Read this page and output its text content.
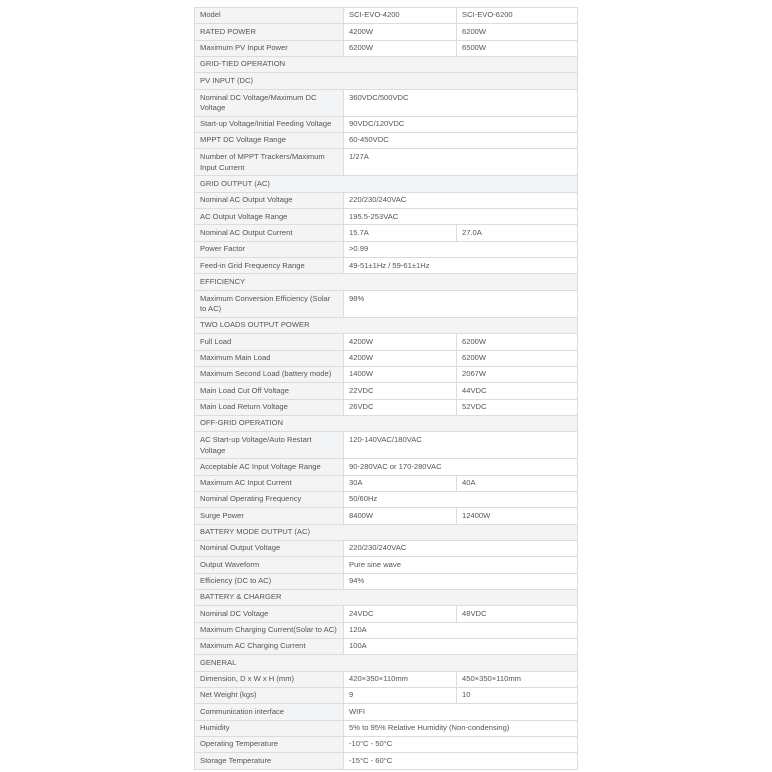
Model	SCI-EVO-4200	SCI-EVO-6200
RATED POWER	4200W	6200W
Maximum PV Input Power	6200W	6500W
GRID-TIED OPERATION		
PV INPUT (DC)		
Nominal DC Voltage/Maximum DC Voltage	360VDC/500VDC	
Start-up Voltage/Initial Feeding Voltage	90VDC/120VDC	
MPPT DC Voltage Range	60-450VDC	
Number of MPPT Trackers/Maximum Input Current	1/27A	
GRID OUTPUT (AC)		
Nominal AC Output Voltage	220/230/240VAC	
AC Output Voltage Range	195.5-253VAC	
Nominal AC Output Current	15.7A	27.0A
Power Factor	>0.99	
Feed-in Grid Frequency Range	49-51±1Hz / 59-61±1Hz	
EFFICIENCY		
Maximum Conversion Efficiency (Solar to AC)	98%	
TWO LOADS OUTPUT POWER		
Full Load	4200W	6200W
Maximum Main Load	4200W	6200W
Maximum Second Load (battery mode)	1400W	2067W
Main Load Cut Off Voltage	22VDC	44VDC
Main Load Return Voltage	26VDC	52VDC
OFF-GRID OPERATION		
AC Start-up Voltage/Auto Restart Voltage	120-140VAC/180VAC	
Acceptable AC Input Voltage Range	90-280VAC or 170-280VAC	
Maximum AC Input Current	30A	40A
Nominal Operating Frequency	50/60Hz	
Surge Power	8400W	12400W
BATTERY MODE OUTPUT (AC)		
Nominal Output Voltage	220/230/240VAC	
Output Waveform	Pure sine wave	
Efficiency (DC to AC)	94%	
BATTERY & CHARGER		
Nominal DC Voltage	24VDC	48VDC
Maximum Charging Current(Solar to AC)	120A	
Maximum AC Charging Current	100A	
GENERAL		
Dimension, D x W x H (mm)	420×350×110mm	450×350×110mm
Net Weight (kgs)	9	10
Communication interface	WIFI	
Humidity	5% to 95% Relative Humidity (Non-condensing)	
Operating Temperature	-10°C - 50°C	
Storage Temperature	-15°C - 60°C	
